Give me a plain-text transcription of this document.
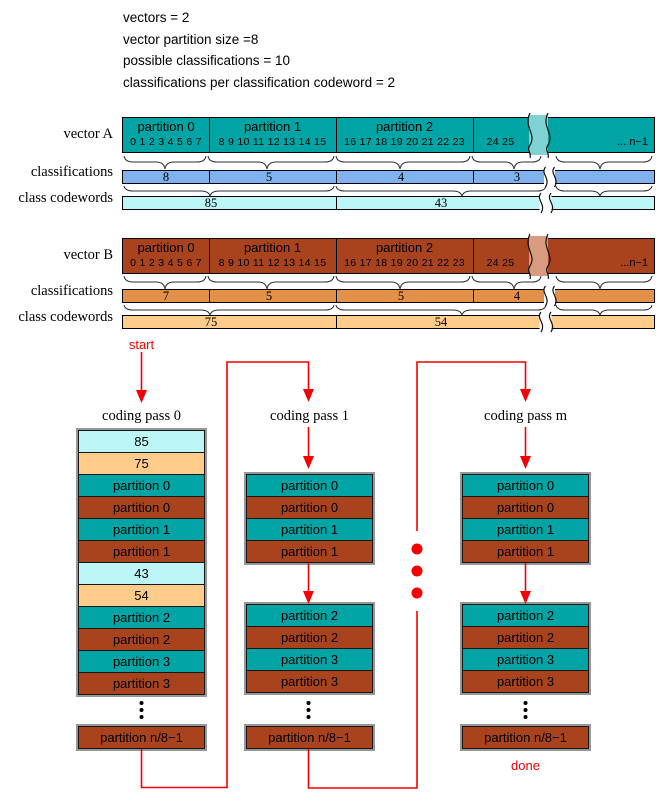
vectors = 2
vector partition size =8
possible classifications = 10
classifications per classification codeword = 2
vector A
classifications
class codewords
vector B
classifications
class codewords
partition 0	partition 1	partition 2
0 1 2 3 4 5 6 7	8 9 10 11 12 13 14 15	16 17 18 19 20 21 22 23	24 25	... n−1
8	5	4	3
85	43
partition 0	partition 1	partition 2
0 1 2 3 4 5 6 7	8 9 10 11 12 13 14 15	16 17 18 19 20 21 22 23	24 25	...n−1
7	5	5	4
75	54
start
coding pass 0	coding pass 1	coding pass m
done
85
75
partition 0
partition 0
partition 1
partition 1
43
54
partition 2
partition 2
partition 3
partition 3
partition n/8−1
partition 0
partition 0
partition 1
partition 1
partition 2
partition 2
partition 3
partition 3
partition n/8−1
partition 0
partition 0
partition 1
partition 1
partition 2
partition 2
partition 3
partition 3
partition n/8−1
